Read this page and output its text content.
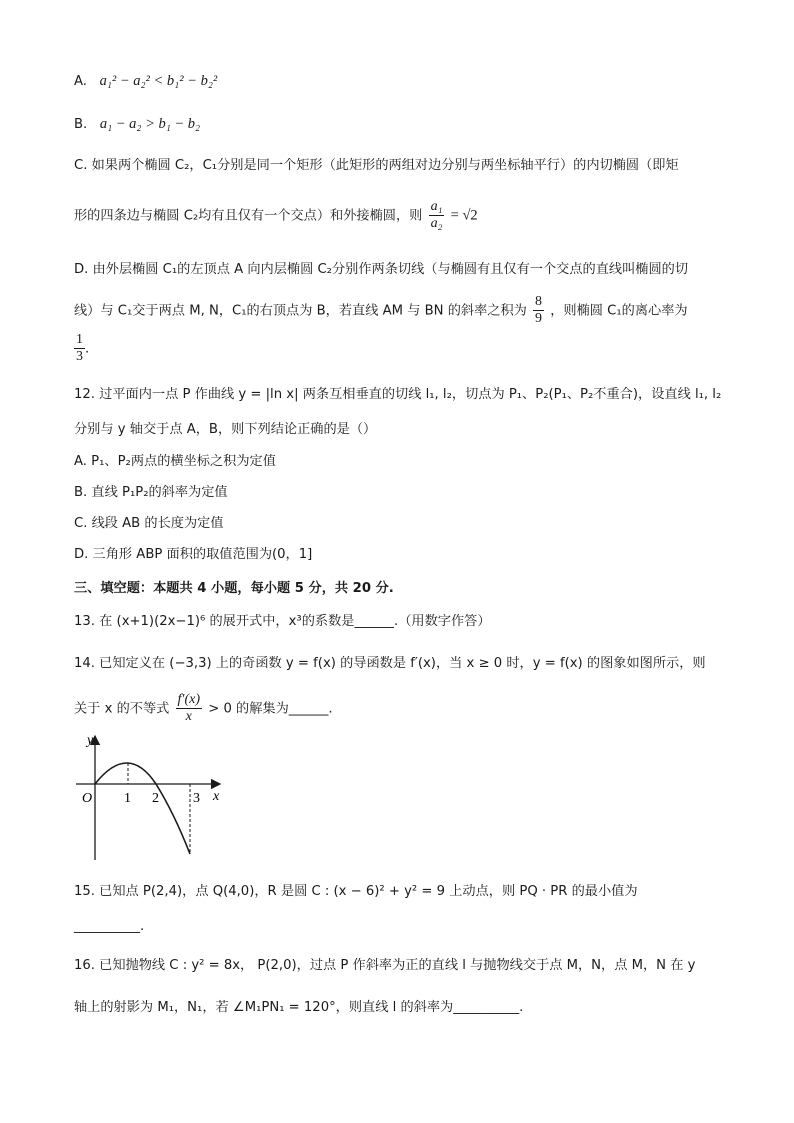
A. a₁² − a₂² < b₁² − b₂²
B. a₁ − a₂ > b₁ − b₂
C. 如果两个椭圆 C₂，C₁分别是同一个矩形（此矩形的两组对边分别与两坐标轴平行）的内切椭圆（即矩
形的四条边与椭圆 C₂均有且仅有一个交点）和外接椭圆，则 $\frac{\text{a₁}}{\text{a₂}} = √2$
D. 由外层椭圆 C₁的左顶点 A 向内层椭圆 C₂分别作两条切线（与椭圆有且仅有一个交点的直线叫椭圆的切
线）与 C₁交于两点 M, N，C₁的右顶点为 B，若直线 AM 与 BN 的斜率之积为 $\frac{8}{9}$ ，则椭圆 C₁的离心率为
$\frac{1}{3}$ .
12. 过平面内一点 P 作曲线 y = |ln x| 两条互相垂直的切线 l₁, l₂，切点为 P₁、P₂(P₁、P₂不重合)，设直线 l₁, l₂
分别与 y 轴交于点 A，B，则下列结论正确的是（）
A. P₁、P₂两点的横坐标之积为定值
B. 直线 P₁P₂的斜率为定值
C. 线段 AB 的长度为定值
D. 三角形 ABP 面积的取值范围为(0，1]
三、填空题：本题共 4 小题，每小题 5 分，共 20 分.
13. 在 (x+1)(2x−1)⁶ 的展开式中，x³的系数是______.（用数字作答）
14. 已知定义在 (−3,3) 上的奇函数 y = f(x) 的导函数是 f′(x)，当 x ≥ 0 时，y = f(x) 的图象如图所示，则
关于 x 的不等式 $\frac{f'(x)}{x} > 0$ 的解集为______.
y
x
O 1 2 3
15. 已知点 P(2,4)，点 Q(4,0)，R 是圆 C : (x − 6)² + y² = 9 上动点，则 PQ · PR 的最小值为
__________.
16. 已知抛物线 C : y² = 8x， P(2,0)，过点 P 作斜率为正的直线 l 与抛物线交于点 M，N，点 M，N 在 y
轴上的射影为 M₁，N₁，若 ∠M₁PN₁ = 120°，则直线 l 的斜率为__________.
